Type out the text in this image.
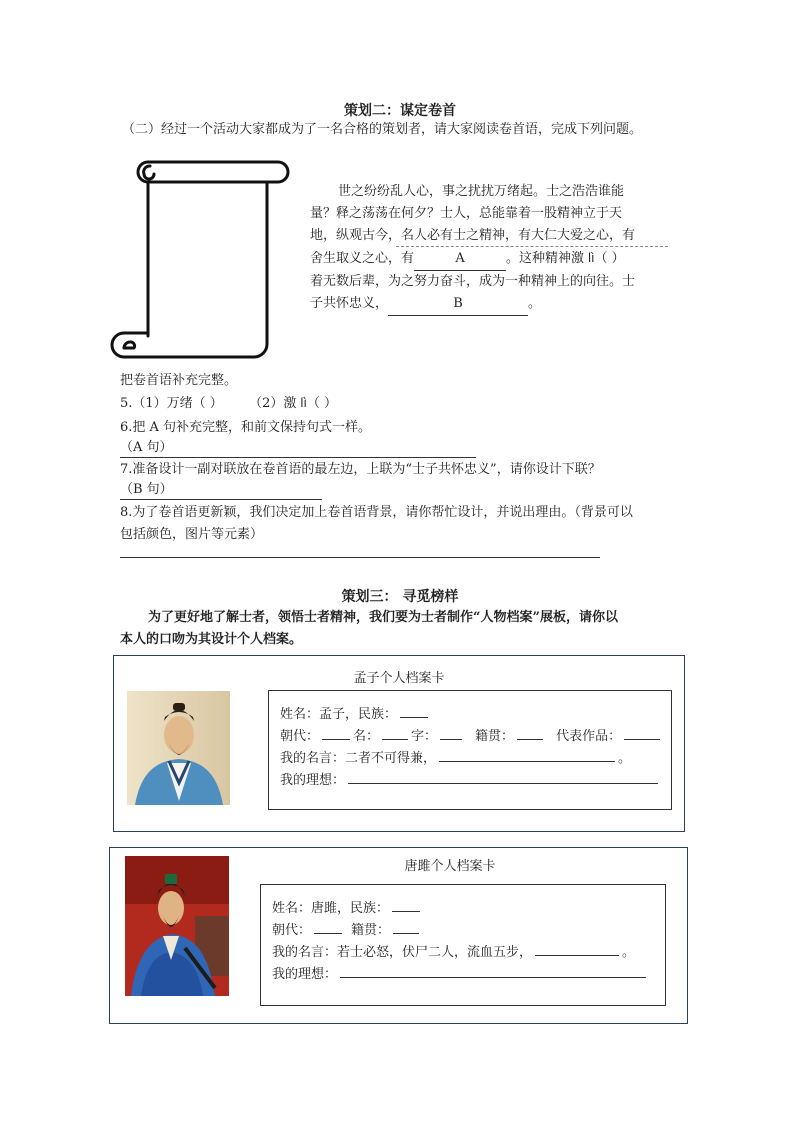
策划二：谋定卷首
（二）经过一个活动大家都成为了一名合格的策划者，请大家阅读卷首语，完成下列问题。
世之纷纷乱人心，事之扰扰万绪起。士之浩浩谁能
量？释之荡荡在何夕？士人，总能靠着一股精神立于天
地，纵观古今，名人必有士之精神，有大仁大爱之心，有
舍生取义之心，有	A	。这种精神激 lì（ ）
着无数后辈，为之努力奋斗，成为一种精神上的向往。士
子共怀忠义，	B	。
把卷首语补充完整。
5.（1）万绪（ ） （2）激 lì（ ）
6.把 A 句补充完整，和前文保持句式一样。
（A 句）
7.准备设计一副对联放在卷首语的最左边，上联为“士子共怀忠义”，请你设计下联？
（B 句）
8.为了卷首语更新颖，我们决定加上卷首语背景，请你帮忙设计，并说出理由。（背景可以
包括颜色，图片等元素）
策划三： 寻觅榜样
为了更好地了解士者，领悟士者精神，我们要为士者制作“人物档案”展板，请你以
本人的口吻为其设计个人档案。
孟子个人档案卡

姓名：孟子，民族：
朝代：	名： 字：	籍贯：	代表作品：
我的名言：二者不可得兼，	。
我的理想：
唐雎个人档案卡
姓名：唐雎，民族：
朝代：	籍贯：
我的名言：若士必怒，伏尸二人，流血五步，	。
我的理想：
